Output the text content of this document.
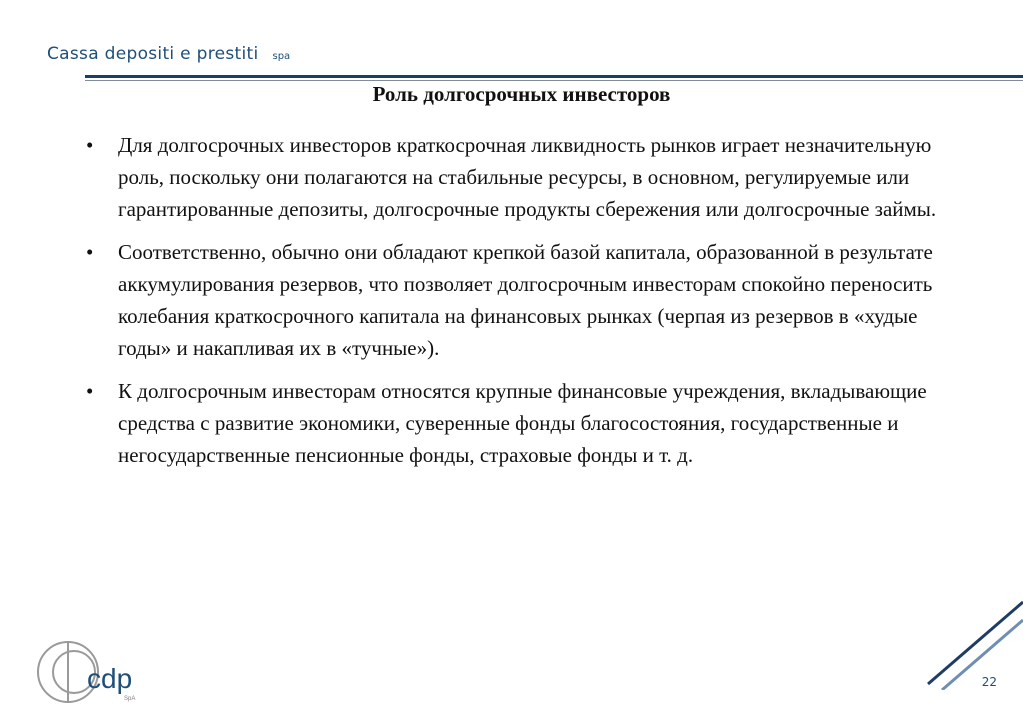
Cassa depositi e prestiti spa
Роль долгосрочных инвесторов
• Для долгосрочных инвесторов краткосрочная ликвидность рынков играет незначительную роль, поскольку они полагаются на стабильные ресурсы, в основном, регулируемые или гарантированные депозиты, долгосрочные продукты сбережения или долгосрочные займы.
• Соответственно, обычно они обладают крепкой базой капитала, образованной в результате аккумулирования резервов, что позволяет долгосрочным инвесторам спокойно переносить колебания краткосрочного капитала на финансовых рынках (черпая из резервов в «худые годы» и накапливая их в «тучные»).
• К долгосрочным инвесторам относятся крупные финансовые учреждения, вкладывающие средства с развитие экономики, суверенные фонды благосостояния, государственные и негосударственные пенсионные фонды, страховые фонды и т. д.
cdp
SpA
22
